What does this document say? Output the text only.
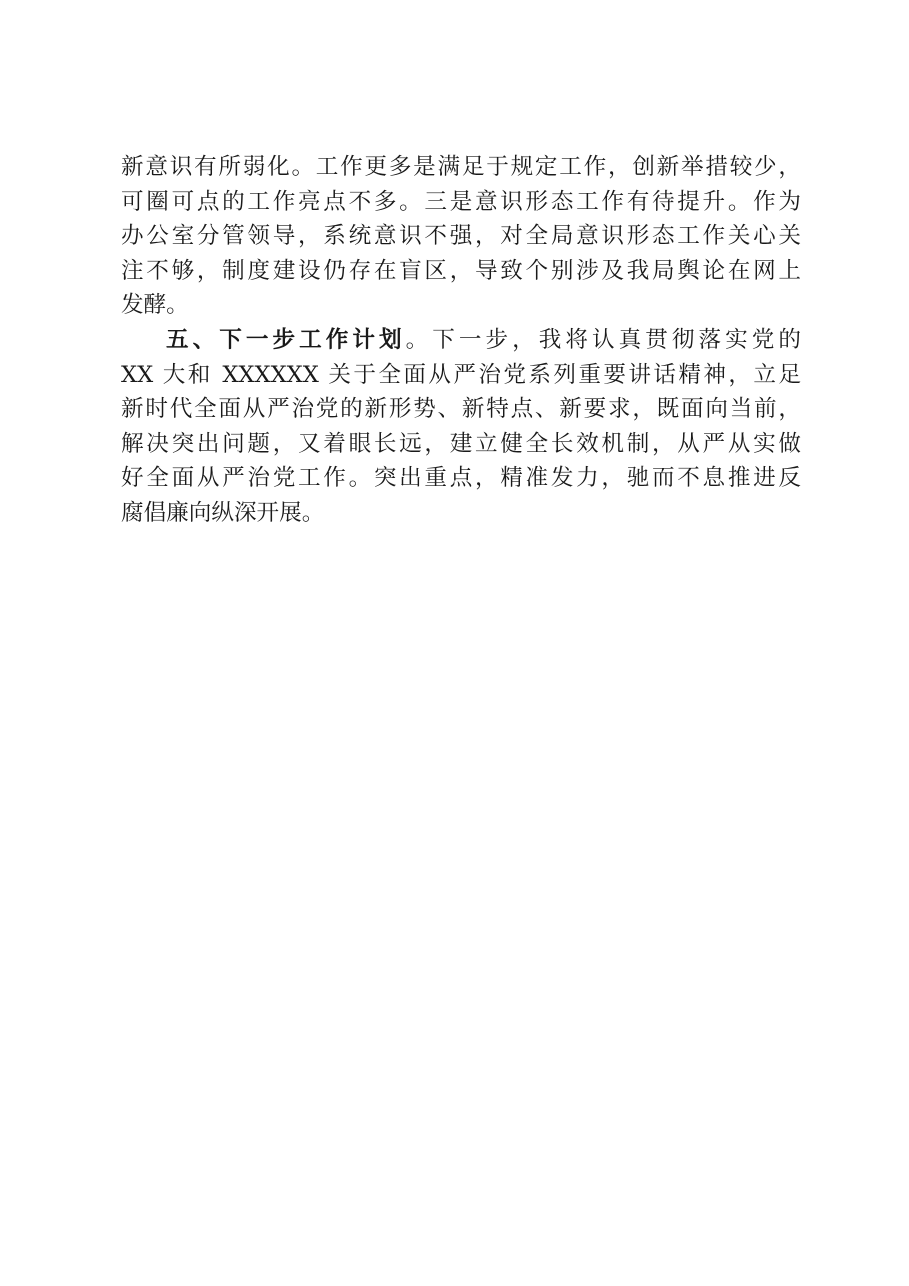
新意识有所弱化。工作更多是满足于规定工作，创新举措较少，
可圈可点的工作亮点不多。三是意识形态工作有待提升。作为
办公室分管领导，系统意识不强，对全局意识形态工作关心关
注不够，制度建设仍存在盲区，导致个别涉及我局舆论在网上
发酵。
五、下一步工作计划。下一步，我将认真贯彻落实党的
XX 大和 XXXXXX 关于全面从严治党系列重要讲话精神，立足
新时代全面从严治党的新形势、新特点、新要求，既面向当前，
解决突出问题，又着眼长远，建立健全长效机制，从严从实做
好全面从严治党工作。突出重点，精准发力，驰而不息推进反
腐倡廉向纵深开展。
